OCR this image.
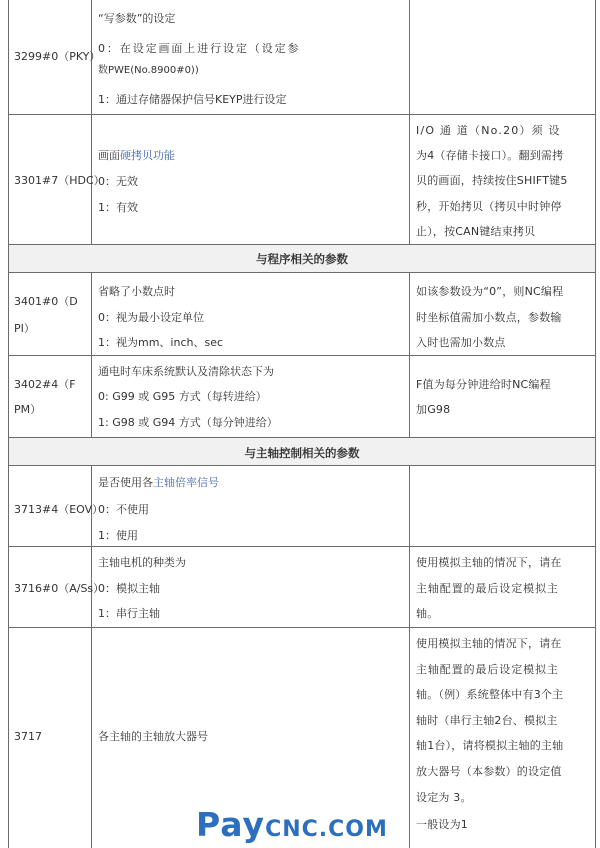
3299#0（PKY）
“写参数”的设定
0：在设定画面上进行设定（设定参
数PWE(No.8900#0))
1：通过存储器保护信号KEYP进行设定
3301#7（HDC）
画面硬拷贝功能
0：无效
1：有效
I/O 通 道（No.20）须 设
为4（存储卡接口）。翻到需拷
贝的画面，持续按住SHIFT键5
秒，开始拷贝（拷贝中时钟停
止），按CAN键结束拷贝
与程序相关的参数
3401#0（D
PI）
省略了小数点时
0：视为最小设定单位
1：视为mm、inch、sec
如该参数设为“0”，则NC编程
时坐标值需加小数点，参数输
入时也需加小数点
3402#4（F
PM）
通电时车床系统默认及清除状态下为
0: G99 或 G95 方式（每转进给）
1: G98 或 G94 方式（每分钟进给）
F值为每分钟进给时NC编程
加G98
与主轴控制相关的参数
3713#4（EOV）
是否使用各主轴倍率信号
0：不使用
1：使用
3716#0（A/Ss）
主轴电机的种类为
0：模拟主轴
1：串行主轴
使用模拟主轴的情况下，请在
主轴配置的最后设定模拟主
轴。
3717	各主轴的主轴放大器号
使用模拟主轴的情况下，请在
主轴配置的最后设定模拟主
轴。（例）系统整体中有3个主
轴时（串行主轴2台、模拟主
轴1台），请将模拟主轴的主轴
放大器号（本参数）的设定值
设定为 3。
一般设为1
PayCNC.COM
